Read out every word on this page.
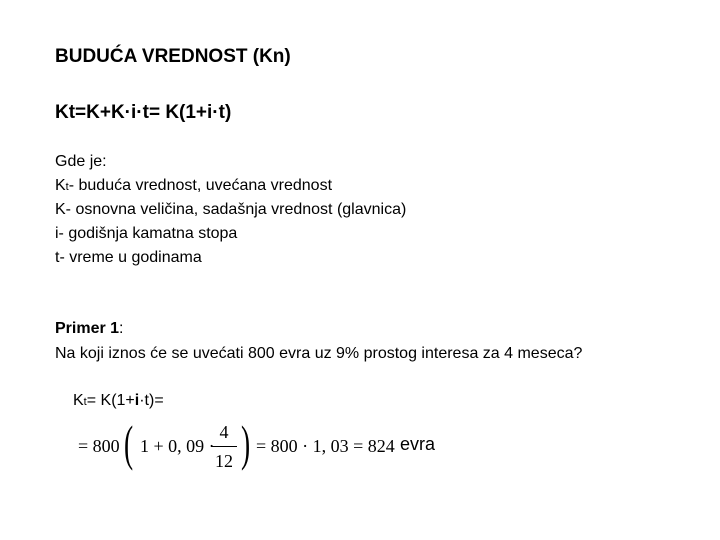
BUDUĆA VREDNOST (Kn)
Kt=K+K·i·t= K(1+i·t)
Gde je:
Kt- buduća vrednost, uvećana vrednost
K- osnovna veličina, sadašnja vrednost (glavnica)
i- godišnja kamatna stopa
t- vreme u godinama
Primer 1:
Na koji iznos će se uvećati 800 evra uz 9% prostog interesa za 4 meseca?
Kt= K(1+i·t)=
= 800 ( 1 + 0, 09 ·
4
12 ) = 800 · 1, 03 = 824 evra
